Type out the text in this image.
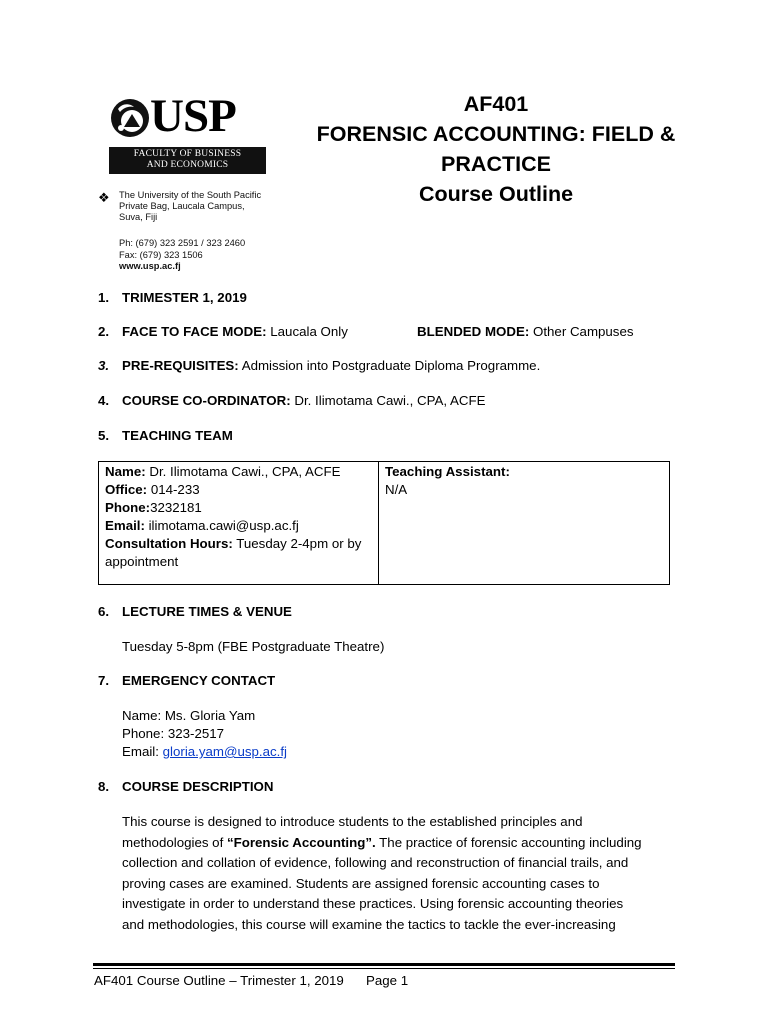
USP
FACULTY OF BUSINESS
AND ECONOMICS
❖ The University of the South Pacific
Private Bag, Laucala Campus,
Suva, Fiji
Ph: (679) 323 2591 / 323 2460
Fax: (679) 323 1506
www.usp.ac.fj
AF401
FORENSIC ACCOUNTING: FIELD &
PRACTICE
Course Outline
1. TRIMESTER 1, 2019
2. FACE TO FACE MODE: Laucala Only	BLENDED MODE: Other Campuses
3. PRE-REQUISITES: Admission into Postgraduate Diploma Programme.
4. COURSE CO-ORDINATOR: Dr. Ilimotama Cawi., CPA, ACFE
5. TEACHING TEAM
Name: Dr. Ilimotama Cawi., CPA, ACFE
Office: 014-233
Phone:3232181
Email: ilimotama.cawi@usp.ac.fj
Consultation Hours: Tuesday 2-4pm or by
appointment
Teaching Assistant:
N/A
6. LECTURE TIMES & VENUE
Tuesday 5-8pm (FBE Postgraduate Theatre)
7. EMERGENCY CONTACT
Name: Ms. Gloria Yam
Phone: 323-2517
Email: gloria.yam@usp.ac.fj
8. COURSE DESCRIPTION
This course is designed to introduce students to the established principles and
methodologies of “Forensic Accounting”. The practice of forensic accounting including
collection and collation of evidence, following and reconstruction of financial trails, and
proving cases are examined. Students are assigned forensic accounting cases to
investigate in order to understand these practices. Using forensic accounting theories
and methodologies, this course will examine the tactics to tackle the ever-increasing
AF401 Course Outline – Trimester 1, 2019 Page 1
